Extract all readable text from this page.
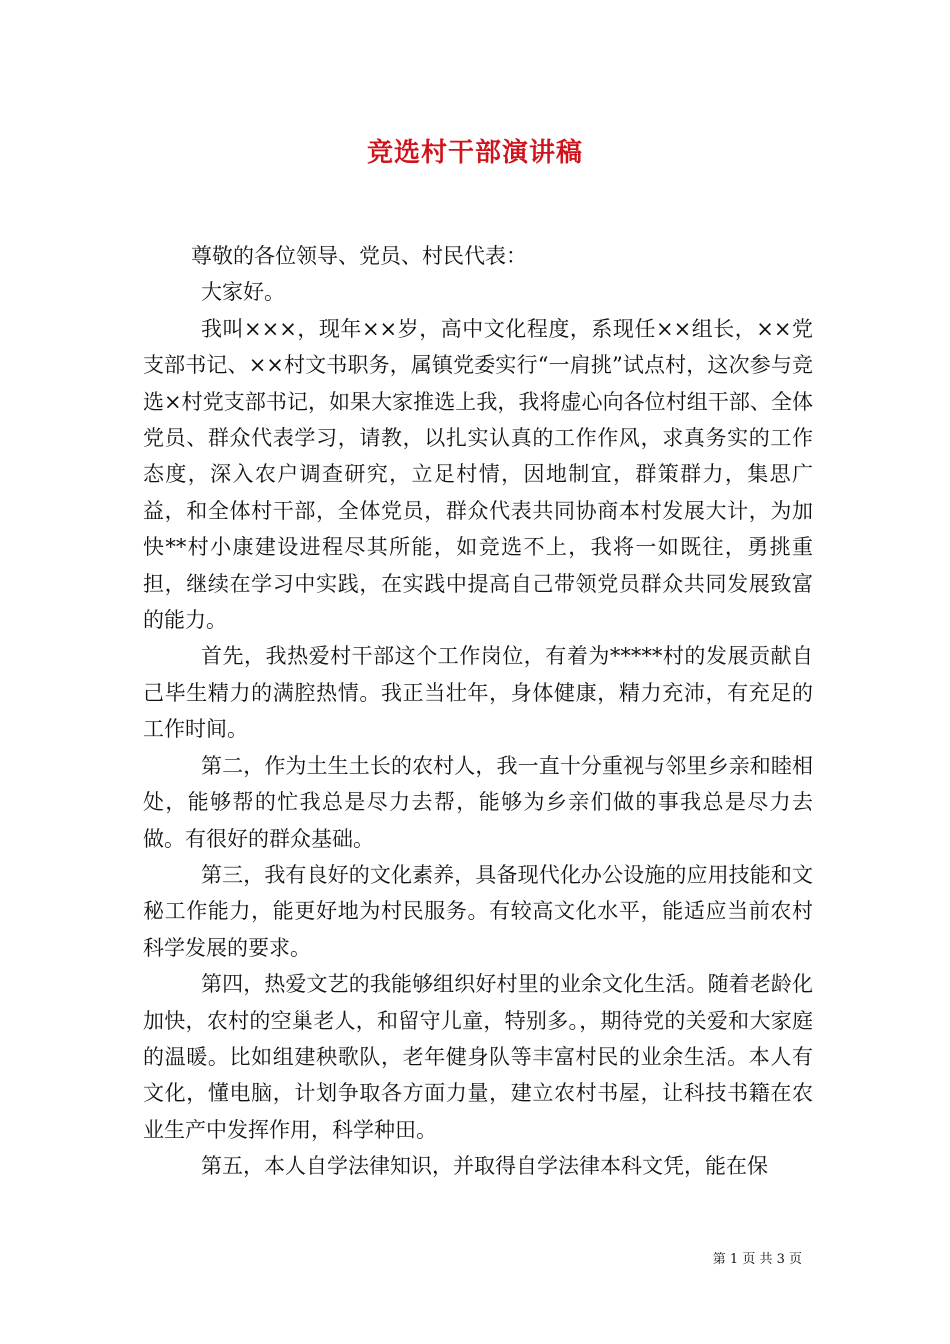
竞选村干部演讲稿

尊敬的各位领导、党员、村民代表：

大家好。

我叫×××，现年××岁，高中文化程度，系现任××组长，××党支部书记、××村文书职务，属镇党委实行“一肩挑”试点村，这次参与竞选×村党支部书记，如果大家推选上我，我将虚心向各位村组干部、全体党员、群众代表学习，请教，以扎实认真的工作作风，求真务实的工作态度，深入农户调查研究，立足村情，因地制宜，群策群力，集思广益，和全体村干部，全体党员，群众代表共同协商本村发展大计，为加快**村小康建设进程尽其所能，如竞选不上，我将一如既往，勇挑重担，继续在学习中实践，在实践中提高自己带领党员群众共同发展致富的能力。

首先，我热爱村干部这个工作岗位，有着为*****村的发展贡献自己毕生精力的满腔热情。我正当壮年，身体健康，精力充沛，有充足的工作时间。

第二，作为土生土长的农村人，我一直十分重视与邻里乡亲和睦相处，能够帮的忙我总是尽力去帮，能够为乡亲们做的事我总是尽力去做。有很好的群众基础。

第三，我有良好的文化素养，具备现代化办公设施的应用技能和文秘工作能力，能更好地为村民服务。有较高文化水平，能适应当前农村科学发展的要求。

第四，热爱文艺的我能够组织好村里的业余文化生活。随着老龄化加快，农村的空巢老人，和留守儿童，特别多。，期待党的关爱和大家庭的温暖。比如组建秧歌队，老年健身队等丰富村民的业余生活。本人有文化，懂电脑，计划争取各方面力量，建立农村书屋，让科技书籍在农业生产中发挥作用，科学种田。

第五，本人自学法律知识，并取得自学法律本科文凭，能在保

第 1 页 共 3 页
